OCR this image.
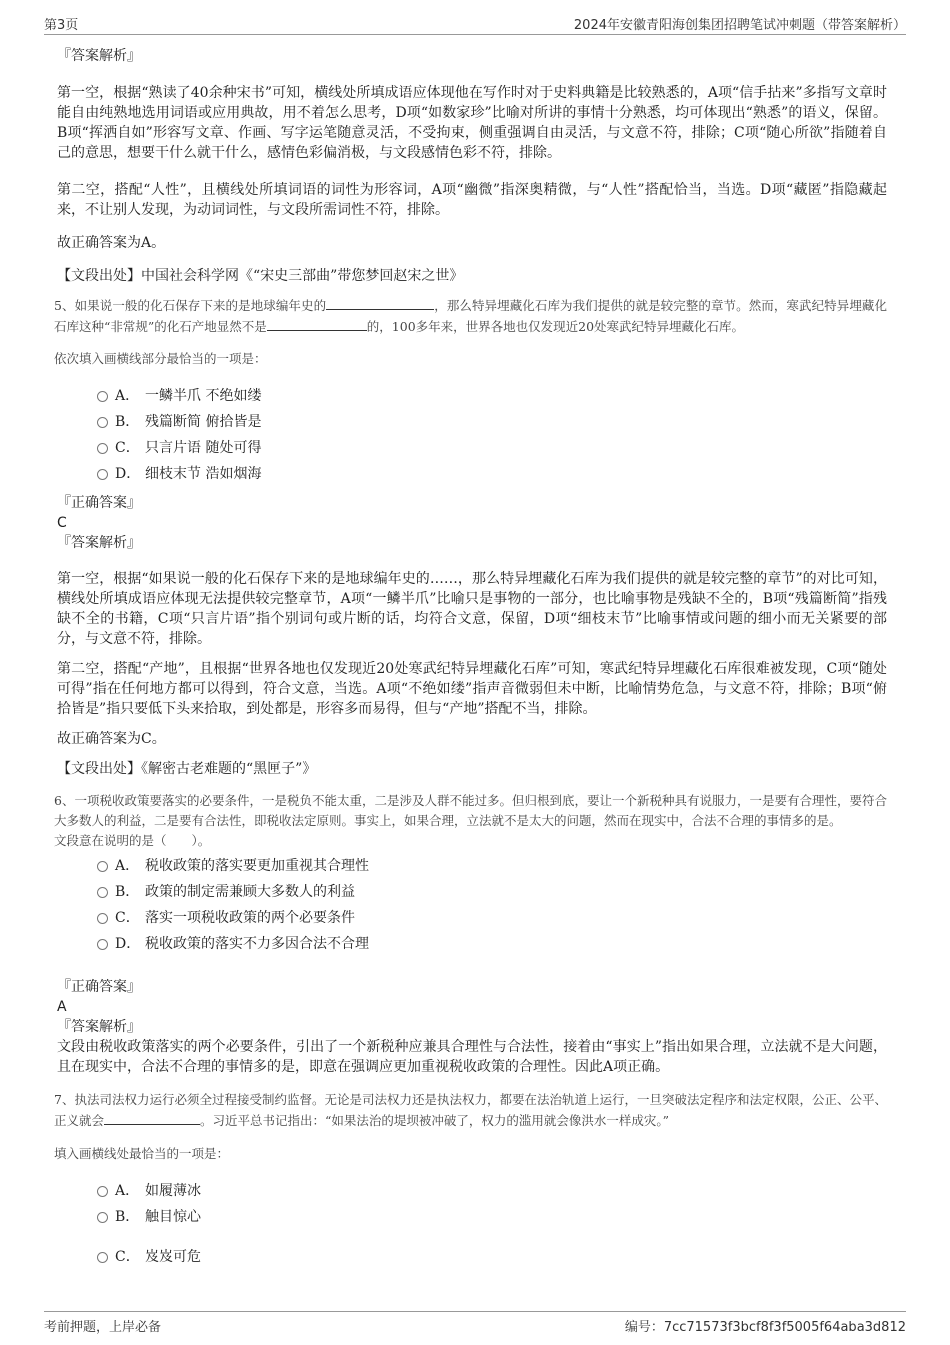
第3页	2024年安徽青阳海创集团招聘笔试冲刺题（带答案解析）
『答案解析』
第一空，根据“熟读了40余种宋书”可知，横线处所填成语应体现他在写作时对于史料典籍是比较熟悉的，A项“信手拈来”多指写文章时能自由纯熟地选用词语或应用典故，用不着怎么思考，D项“如数家珍”比喻对所讲的事情十分熟悉，均可体现出“熟悉”的语义，保留。B项“挥洒自如”形容写文章、作画、写字运笔随意灵活，不受拘束，侧重强调自由灵活，与文意不符，排除；C项“随心所欲”指随着自己的意思，想要干什么就干什么，感情色彩偏消极，与文段感情色彩不符，排除。
第二空，搭配“人性”，且横线处所填词语的词性为形容词，A项“幽微”指深奥精微，与“人性”搭配恰当，当选。D项“藏匿”指隐藏起来，不让别人发现，为动词词性，与文段所需词性不符，排除。
故正确答案为A。
【文段出处】中国社会科学网《“宋史三部曲”带您梦回赵宋之世》
5、如果说一般的化石保存下来的是地球编年史的	，那么特异埋藏化石库为我们提供的就是较完整的章节。然而，寒武纪特异埋藏化石库这种“非常规”的化石产地显然不是	的，100多年来，世界各地也仅发现近20处寒武纪特异埋藏化石库。
依次填入画横线部分最恰当的一项是：
A． 一鳞半爪 不绝如缕
B． 残篇断简 俯拾皆是
C． 只言片语 随处可得
D． 细枝末节 浩如烟海
『正确答案』
C
『答案解析』
第一空，根据“如果说一般的化石保存下来的是地球编年史的……，那么特异埋藏化石库为我们提供的就是较完整的章节”的对比可知，横线处所填成语应体现无法提供较完整章节，A项“一鳞半爪”比喻只是事物的一部分，也比喻事物是残缺不全的，B项“残篇断简”指残缺不全的书籍，C项“只言片语”指个别词句或片断的话，均符合文意，保留，D项“细枝末节”比喻事情或问题的细小而无关紧要的部分，与文意不符，排除。
第二空，搭配“产地”，且根据“世界各地也仅发现近20处寒武纪特异埋藏化石库”可知，寒武纪特异埋藏化石库很难被发现，C项“随处可得”指在任何地方都可以得到，符合文意，当选。A项“不绝如缕”指声音微弱但未中断，比喻情势危急，与文意不符，排除；B项“俯拾皆是”指只要低下头来拾取，到处都是，形容多而易得，但与“产地”搭配不当，排除。
故正确答案为C。
【文段出处】《解密古老难题的“黑匣子”》
6、一项税收政策要落实的必要条件，一是税负不能太重，二是涉及人群不能过多。但归根到底，要让一个新税种具有说服力，一是要有合理性，要符合大多数人的利益，二是要有合法性，即税收法定原则。事实上，如果合理，立法就不是太大的问题，然而在现实中，合法不合理的事情多的是。
文段意在说明的是（　　）。
A． 税收政策的落实要更加重视其合理性
B． 政策的制定需兼顾大多数人的利益
C． 落实一项税收政策的两个必要条件
D． 税收政策的落实不力多因合法不合理
『正确答案』
A
『答案解析』
文段由税收政策落实的两个必要条件，引出了一个新税种应兼具合理性与合法性，接着由“事实上”指出如果合理，立法就不是大问题，且在现实中，合法不合理的事情多的是，即意在强调应更加重视税收政策的合理性。因此A项正确。
7、执法司法权力运行必须全过程接受制约监督。无论是司法权力还是执法权力，都要在法治轨道上运行，一旦突破法定程序和法定权限，公正、公平、正义就会	。习近平总书记指出：“如果法治的堤坝被冲破了，权力的滥用就会像洪水一样成灾。”
填入画横线处最恰当的一项是：
A． 如履薄冰
B． 触目惊心
C． 岌岌可危
考前押题，上岸必备	编号：7cc71573f3bcf8f3f5005f64aba3d812
